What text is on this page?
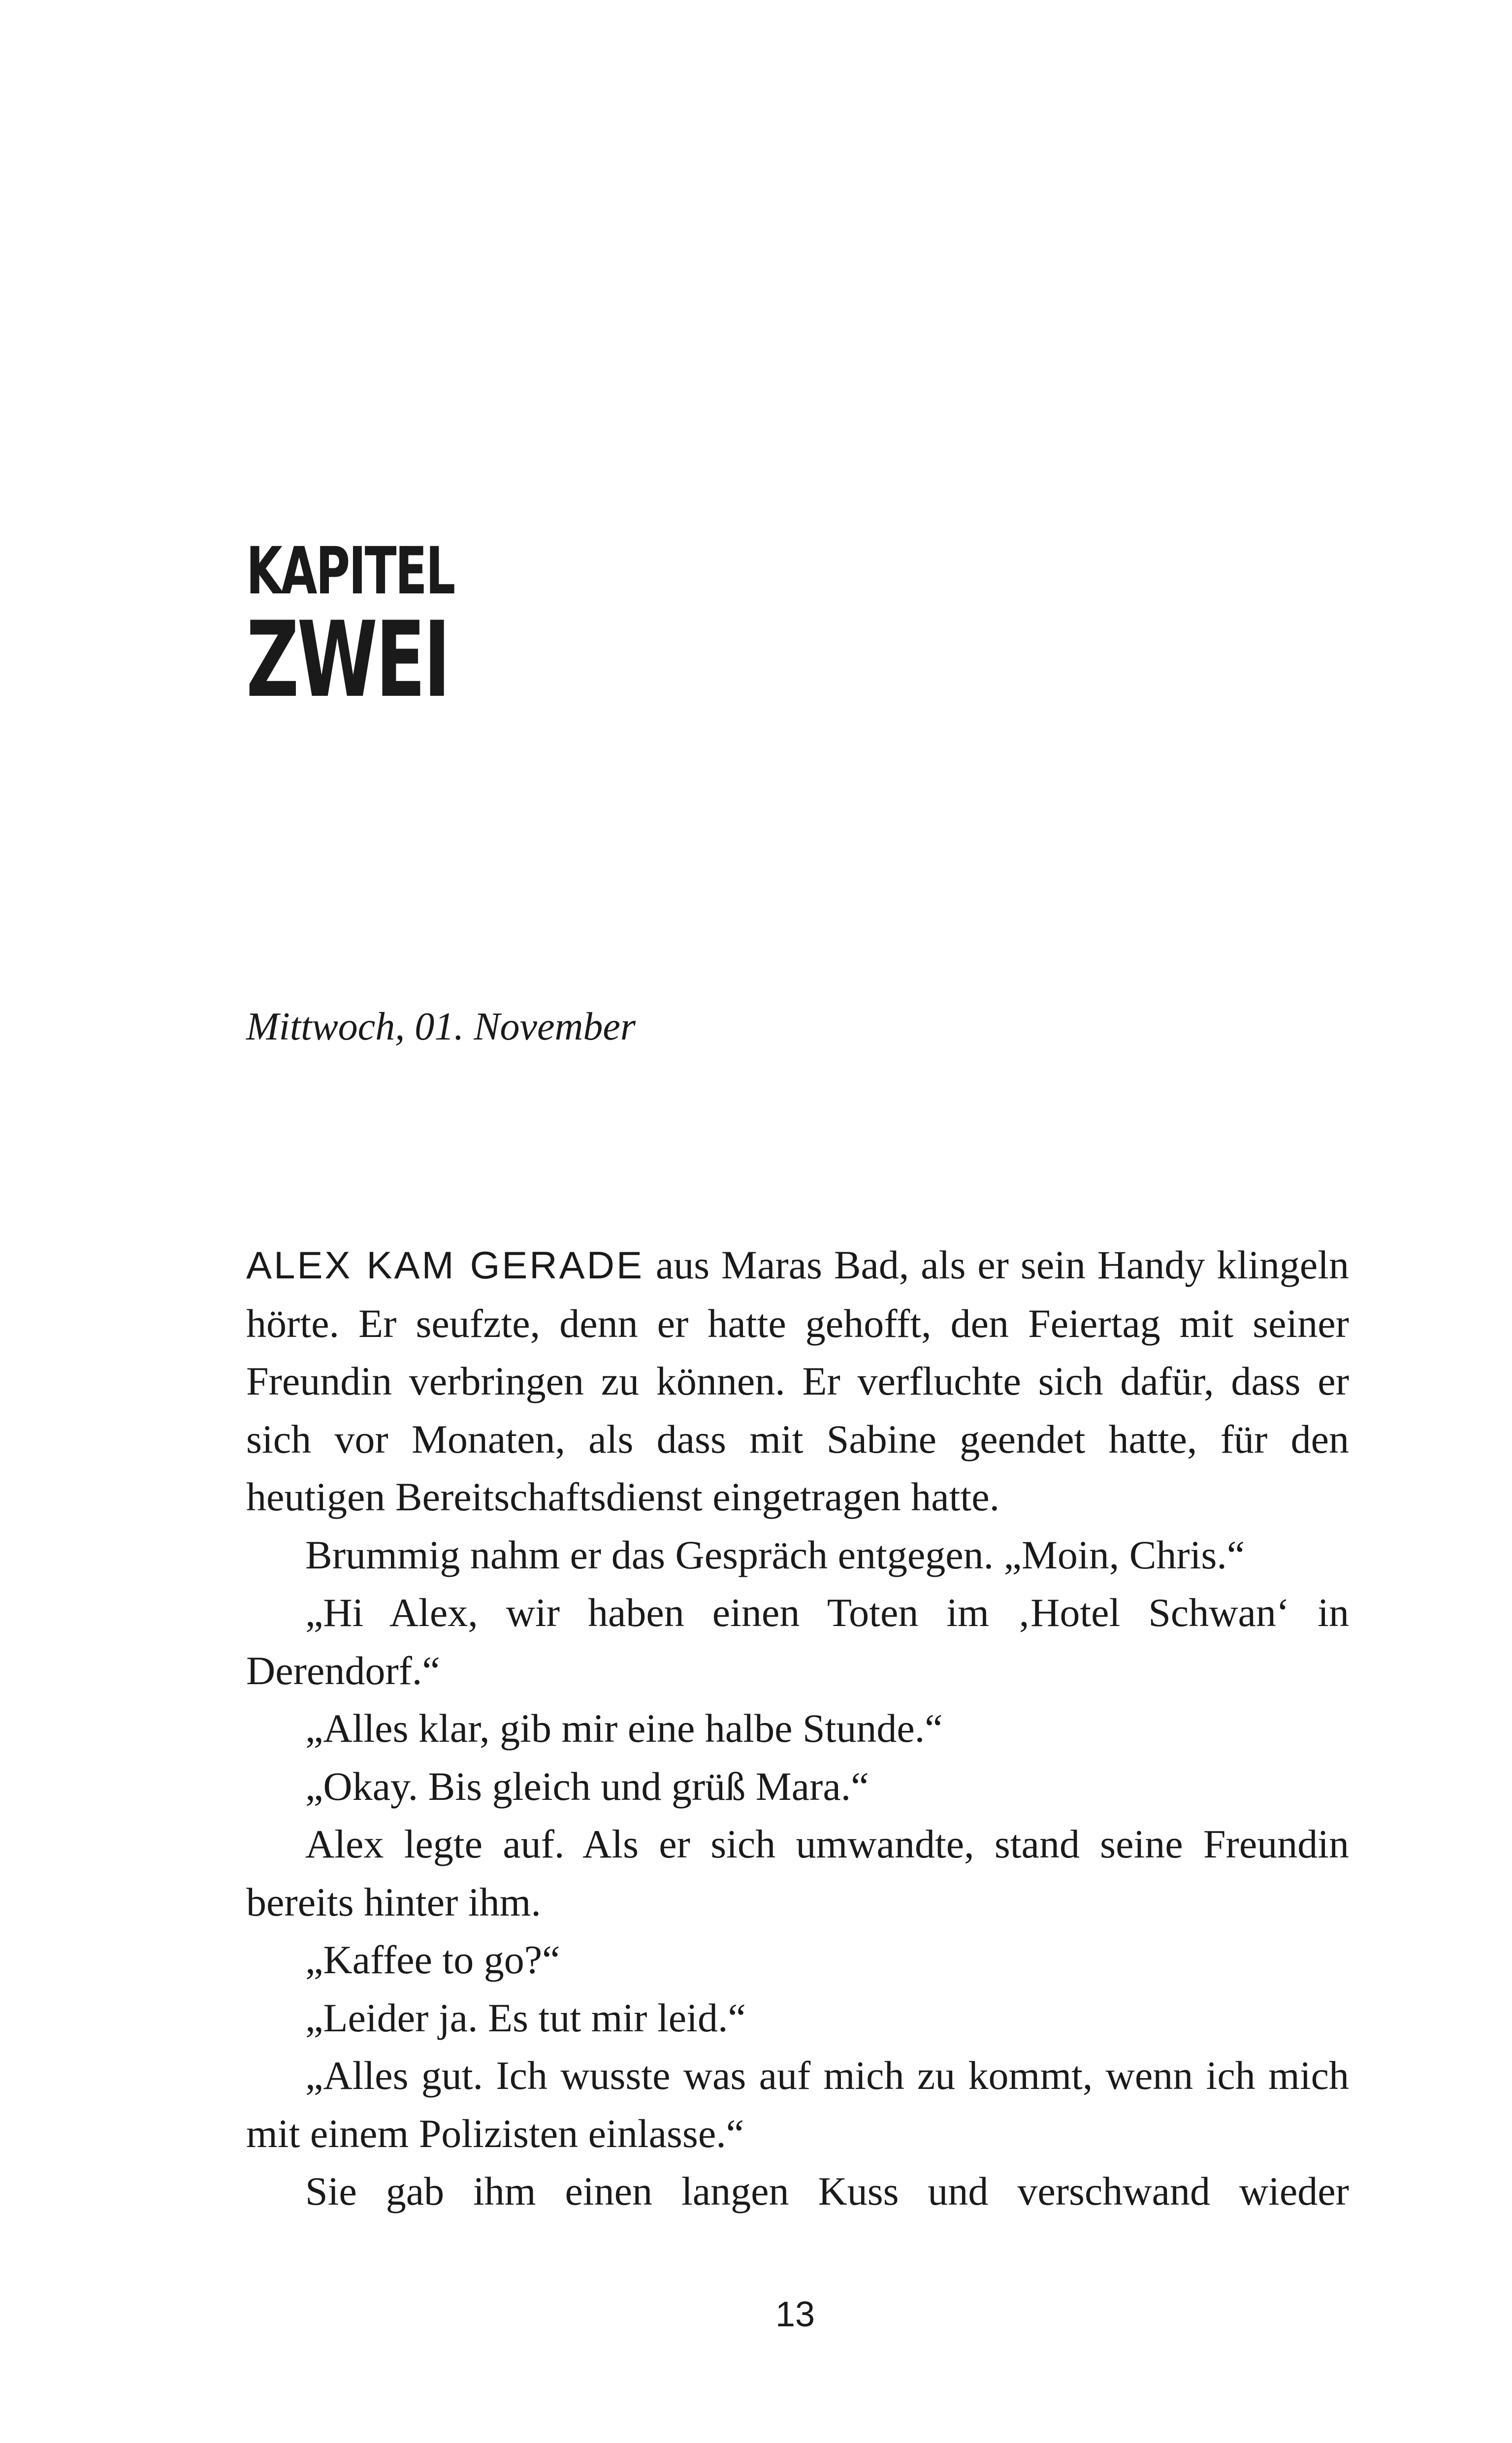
KAPITEL
ZWEI
Mittwoch, 01. November

ALEX KAM GERADE aus Maras Bad, als er sein Handy klingeln hörte. Er seufzte, denn er hatte gehofft, den Feiertag mit seiner Freundin verbringen zu können. Er verfluchte sich dafür, dass er sich vor Monaten, als dass mit Sabine geendet hatte, für den heutigen Bereitschaftsdienst eingetragen hatte.

Brummig nahm er das Gespräch entgegen. „Moin, Chris.“

„Hi Alex, wir haben einen Toten im ‚Hotel Schwan‘ in Derendorf.“

„Alles klar, gib mir eine halbe Stunde.“

„Okay. Bis gleich und grüß Mara.“

Alex legte auf. Als er sich umwandte, stand seine Freundin bereits hinter ihm.

„Kaffee to go?“

„Leider ja. Es tut mir leid.“

„Alles gut. Ich wusste was auf mich zu kommt, wenn ich mich mit einem Polizisten einlasse.“

Sie gab ihm einen langen Kuss und verschwand wieder

13
